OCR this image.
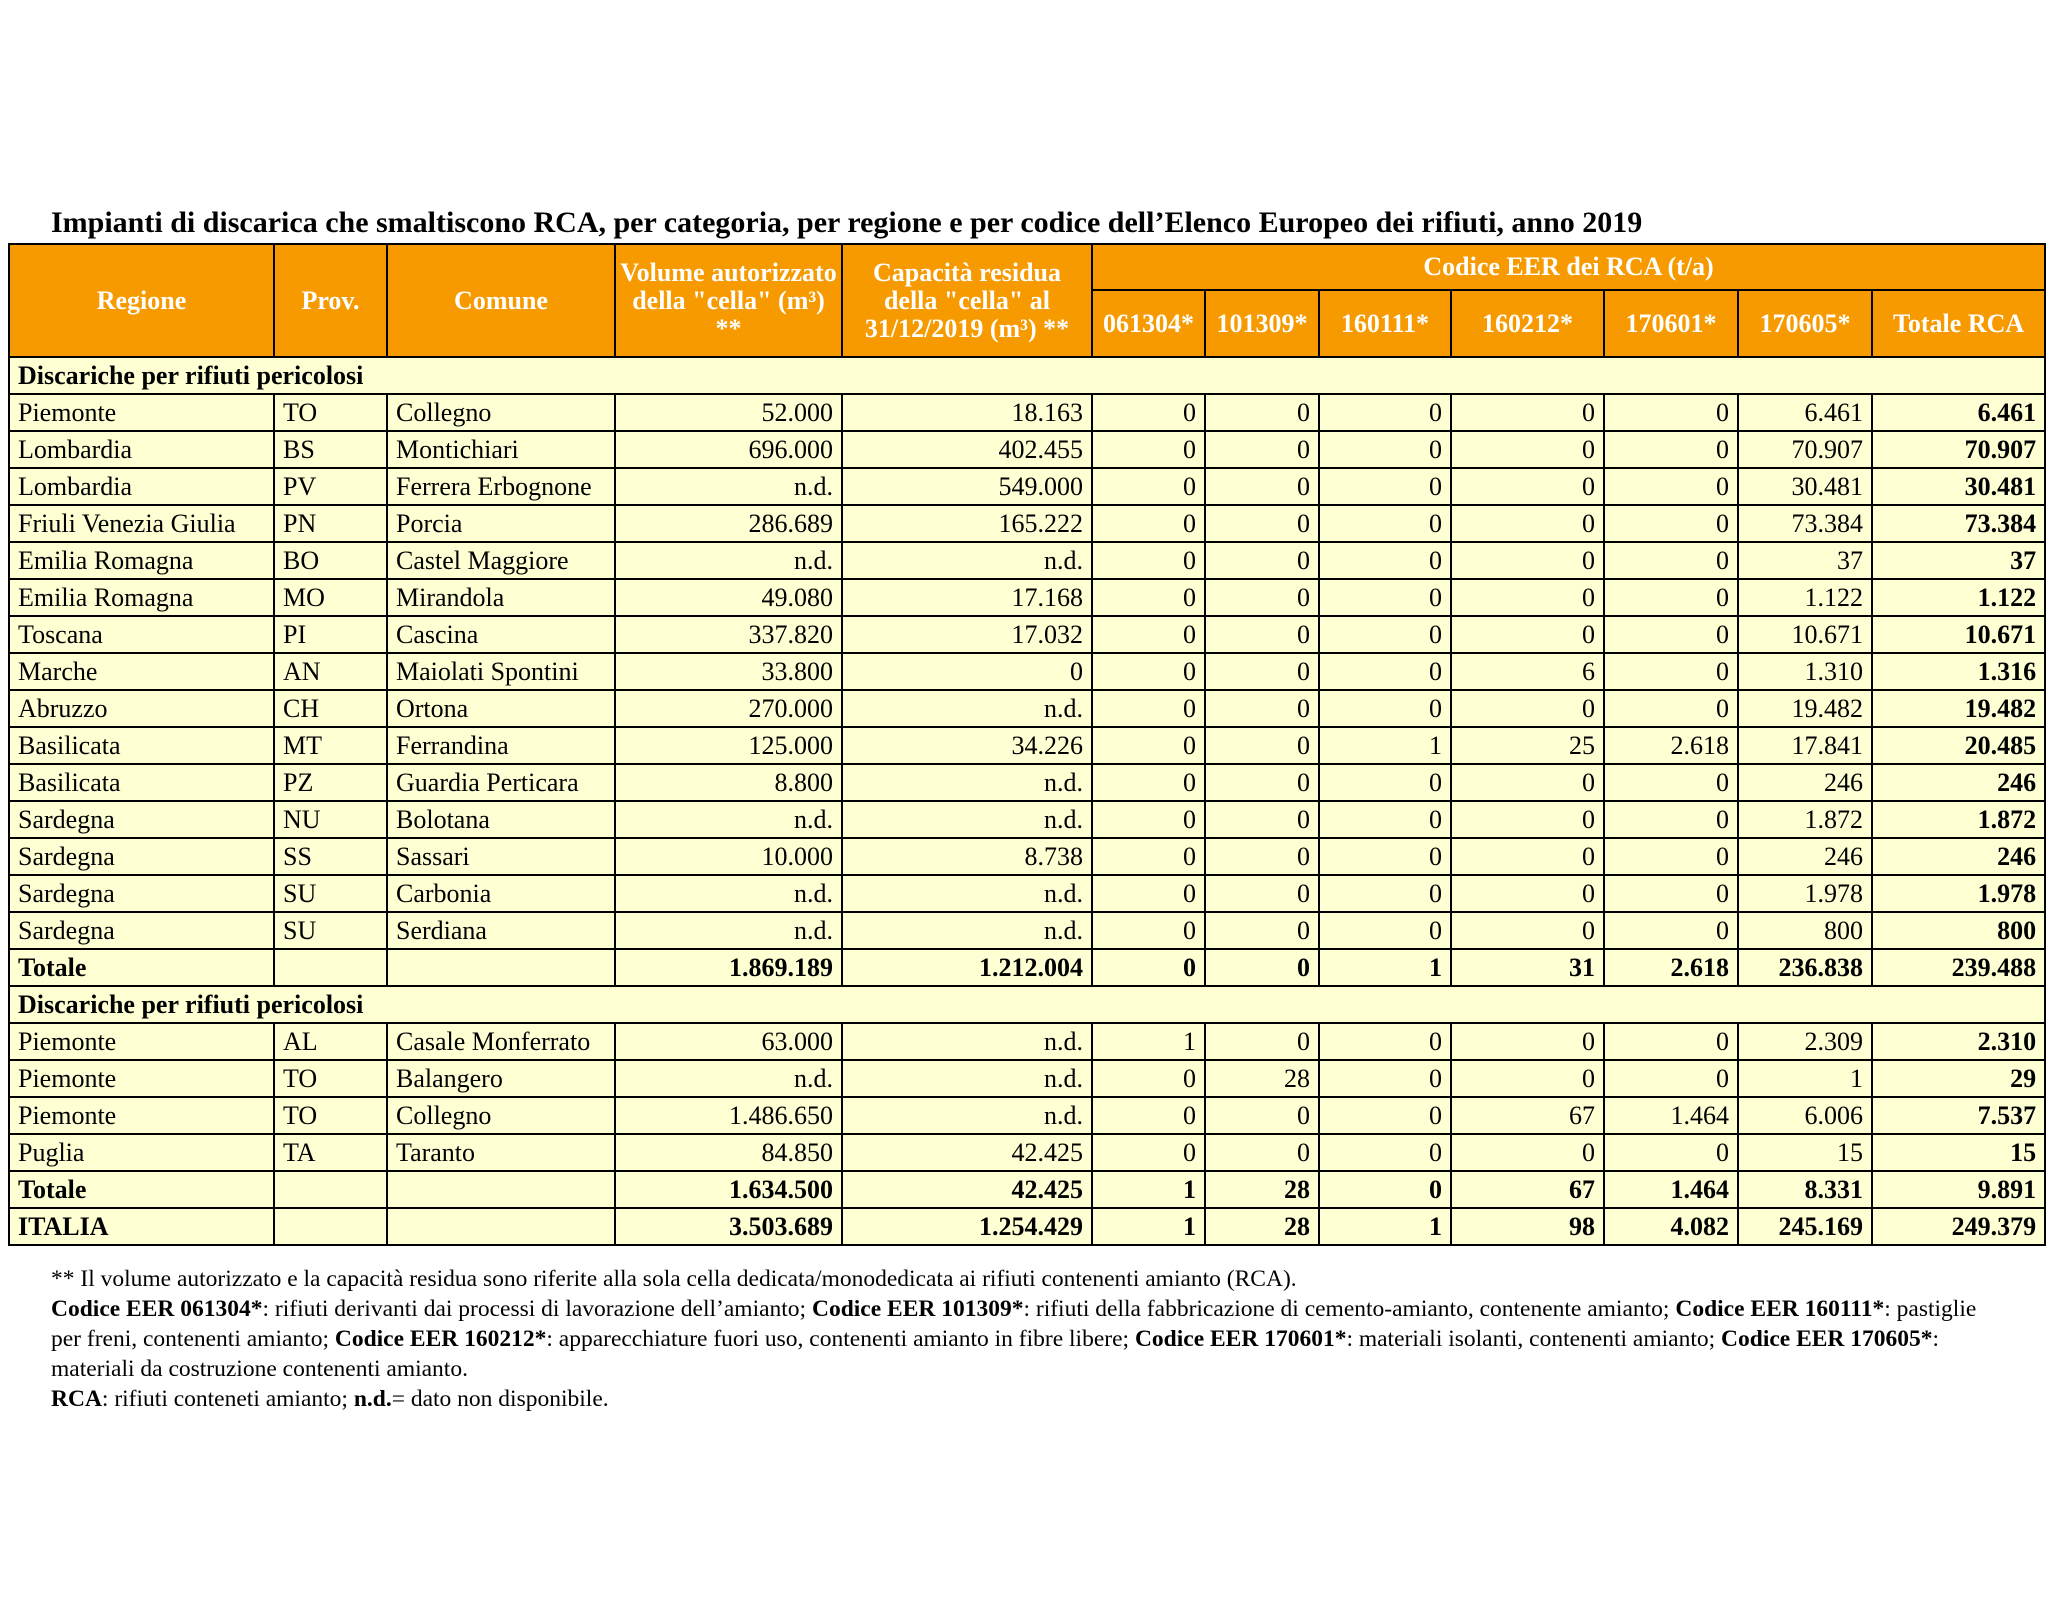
Impianti di discarica che smaltiscono RCA, per categoria, per regione e per codice dell’Elenco Europeo dei rifiuti, anno 2019
Regione	Prov.	Comune	Volume autorizzato della "cella" (m³) **	Capacità residua della "cella" al 31/12/2019 (m³) **	Codice EER dei RCA (t/a)						
					061304*	101309*	160111*	160212*	170601*	170605*	Totale RCA
Discariche per rifiuti pericolosi											
Piemonte	TO	Collegno	52.000	18.163	0	0	0	0	0	6.461	6.461
Lombardia	BS	Montichiari	696.000	402.455	0	0	0	0	0	70.907	70.907
Lombardia	PV	Ferrera Erbognone	n.d.	549.000	0	0	0	0	0	30.481	30.481
Friuli Venezia Giulia	PN	Porcia	286.689	165.222	0	0	0	0	0	73.384	73.384
Emilia Romagna	BO	Castel Maggiore	n.d.	n.d.	0	0	0	0	0	37	37
Emilia Romagna	MO	Mirandola	49.080	17.168	0	0	0	0	0	1.122	1.122
Toscana	PI	Cascina	337.820	17.032	0	0	0	0	0	10.671	10.671
Marche	AN	Maiolati Spontini	33.800	0	0	0	0	6	0	1.310	1.316
Abruzzo	CH	Ortona	270.000	n.d.	0	0	0	0	0	19.482	19.482
Basilicata	MT	Ferrandina	125.000	34.226	0	0	1	25	2.618	17.841	20.485
Basilicata	PZ	Guardia Perticara	8.800	n.d.	0	0	0	0	0	246	246
Sardegna	NU	Bolotana	n.d.	n.d.	0	0	0	0	0	1.872	1.872
Sardegna	SS	Sassari	10.000	8.738	0	0	0	0	0	246	246
Sardegna	SU	Carbonia	n.d.	n.d.	0	0	0	0	0	1.978	1.978
Sardegna	SU	Serdiana	n.d.	n.d.	0	0	0	0	0	800	800
Totale			1.869.189	1.212.004	0	0	1	31	2.618	236.838	239.488
Discariche per rifiuti pericolosi											
Piemonte	AL	Casale Monferrato	63.000	n.d.	1	0	0	0	0	2.309	2.310
Piemonte	TO	Balangero	n.d.	n.d.	0	28	0	0	0	1	29
Piemonte	TO	Collegno	1.486.650	n.d.	0	0	0	67	1.464	6.006	7.537
Puglia	TA	Taranto	84.850	42.425	0	0	0	0	0	15	15
Totale			1.634.500	42.425	1	28	0	67	1.464	8.331	9.891
ITALIA			3.503.689	1.254.429	1	28	1	98	4.082	245.169	249.379

** Il volume autorizzato e la capacità residua sono riferite alla sola cella dedicata/monodedicata ai rifiuti contenenti amianto (RCA).

Codice EER 061304*: rifiuti derivanti dai processi di lavorazione dell’amianto; Codice EER 101309*: rifiuti della fabbricazione di cemento-amianto, contenente amianto; Codice EER 160111*: pastiglie per freni, contenenti amianto; Codice EER 160212*: apparecchiature fuori uso, contenenti amianto in fibre libere; Codice EER 170601*: materiali isolanti, contenenti amianto; Codice EER 170605*: materiali da costruzione contenenti amianto.

RCA: rifiuti conteneti amianto; n.d.= dato non disponibile.
